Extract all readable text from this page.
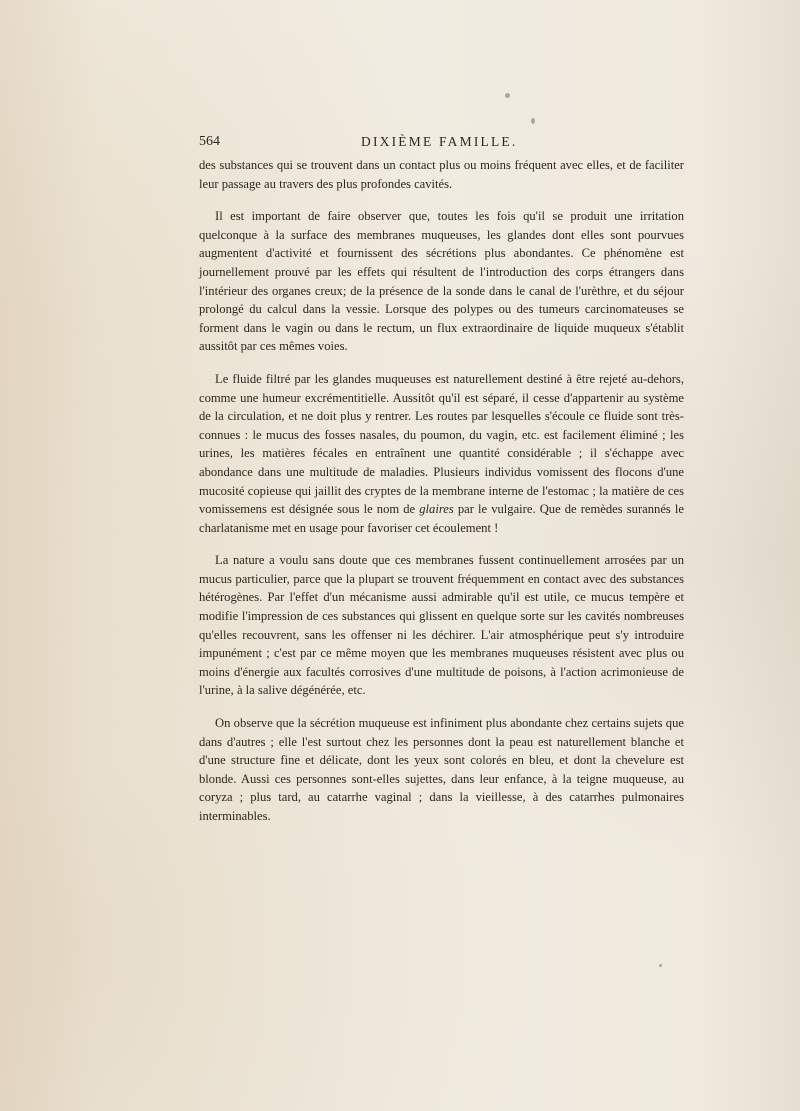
564	DIXIÈME FAMILLE.

des substances qui se trouvent dans un contact plus ou moins fréquent avec elles, et de faciliter leur passage au travers des plus profondes cavités.

Il est important de faire observer que, toutes les fois qu'il se produit une irritation quelconque à la surface des membranes muqueuses, les glandes dont elles sont pourvues augmentent d'activité et fournissent des sécrétions plus abondantes. Ce phénomène est journellement prouvé par les effets qui résultent de l'introduction des corps étrangers dans l'intérieur des organes creux; de la présence de la sonde dans le canal de l'urèthre, et du séjour prolongé du calcul dans la vessie. Lorsque des polypes ou des tumeurs carcinomateuses se forment dans le vagin ou dans le rectum, un flux extraordinaire de liquide muqueux s'établit aussitôt par ces mêmes voies.

Le fluide filtré par les glandes muqueuses est naturellement destiné à être rejeté au-dehors, comme une humeur excrémentitielle. Aussitôt qu'il est séparé, il cesse d'appartenir au système de la circulation, et ne doit plus y rentrer. Les routes par lesquelles s'écoule ce fluide sont très-connues : le mucus des fosses nasales, du poumon, du vagin, etc. est facilement éliminé ; les urines, les matières fécales en entraînent une quantité considérable ; il s'échappe avec abondance dans une multitude de maladies. Plusieurs individus vomissent des flocons d'une mucosité copieuse qui jaillit des cryptes de la membrane interne de l'estomac ; la matière de ces vomissemens est désignée sous le nom de glaires par le vulgaire. Que de remèdes surannés le charlatanisme met en usage pour favoriser cet écoulement !

La nature a voulu sans doute que ces membranes fussent continuellement arrosées par un mucus particulier, parce que la plupart se trouvent fréquemment en contact avec des substances hétérogènes. Par l'effet d'un mécanisme aussi admirable qu'il est utile, ce mucus tempère et modifie l'impression de ces substances qui glissent en quelque sorte sur les cavités nombreuses qu'elles recouvrent, sans les offenser ni les déchirer. L'air atmosphérique peut s'y introduire impunément ; c'est par ce même moyen que les membranes muqueuses résistent avec plus ou moins d'énergie aux facultés corrosives d'une multitude de poisons, à l'action acrimonieuse de l'urine, à la salive dégénérée, etc.

On observe que la sécrétion muqueuse est infiniment plus abondante chez certains sujets que dans d'autres ; elle l'est surtout chez les personnes dont la peau est naturellement blanche et d'une structure fine et délicate, dont les yeux sont colorés en bleu, et dont la chevelure est blonde. Aussi ces personnes sont-elles sujettes, dans leur enfance, à la teigne muqueuse, au coryza ; plus tard, au catarrhe vaginal ; dans la vieillesse, à des catarrhes pulmonaires interminables.
